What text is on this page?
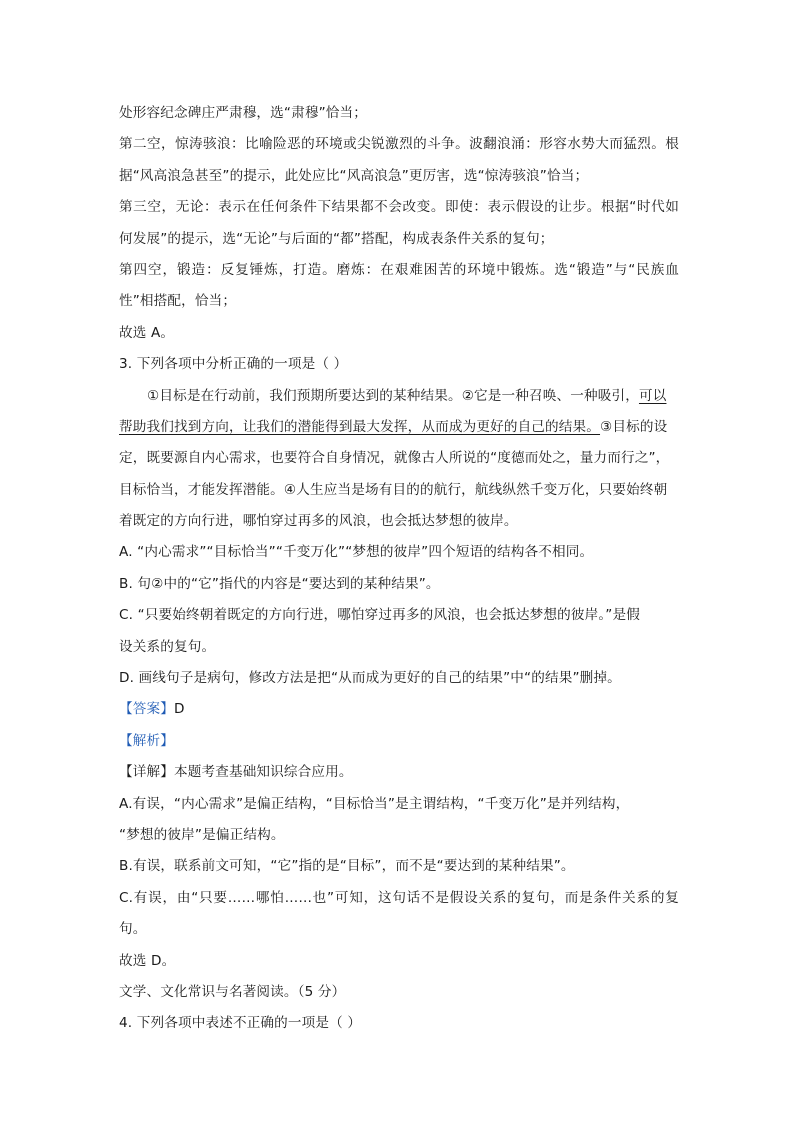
处形容纪念碑庄严肃穆，选“肃穆”恰当；
第二空，惊涛骇浪：比喻险恶的环境或尖锐激烈的斗争。波翻浪涌：形容水势大而猛烈。根
据“风高浪急甚至”的提示，此处应比“风高浪急”更厉害，选“惊涛骇浪”恰当；
第三空，无论：表示在任何条件下结果都不会改变。即使：表示假设的让步。根据“时代如
何发展”的提示，选“无论”与后面的“都”搭配，构成表条件关系的复句；
第四空，锻造：反复锤炼，打造。磨炼：在艰难困苦的环境中锻炼。选“锻造”与“民族血
性”相搭配，恰当；
故选 A。
3. 下列各项中分析正确的一项是（ ）
①目标是在行动前，我们预期所要达到的某种结果。②它是一种召唤、一种吸引，可以
帮助我们找到方向，让我们的潜能得到最大发挥，从而成为更好的自己的结果。③目标的设
定，既要源自内心需求，也要符合自身情况，就像古人所说的“度德而处之，量力而行之”，
目标恰当，才能发挥潜能。④人生应当是场有目的的航行，航线纵然千变万化，只要始终朝
着既定的方向行进，哪怕穿过再多的风浪，也会抵达梦想的彼岸。
A. “内心需求”“目标恰当”“千变万化”“梦想的彼岸”四个短语的结构各不相同。
B. 句②中的“它”指代的内容是“要达到的某种结果”。
C. “只要始终朝着既定的方向行进，哪怕穿过再多的风浪，也会抵达梦想的彼岸。”是假
设关系的复句。
D. 画线句子是病句，修改方法是把“从而成为更好的自己的结果”中“的结果”删掉。
【答案】D
【解析】
【详解】本题考查基础知识综合应用。
A.有误，“内心需求”是偏正结构，“目标恰当”是主谓结构，“千变万化”是并列结构，
“梦想的彼岸”是偏正结构。
B.有误，联系前文可知，“它”指的是“目标”，而不是“要达到的某种结果”。
C.有误，由“只要……哪怕……也”可知，这句话不是假设关系的复句，而是条件关系的复
句。
故选 D。
文学、文化常识与名著阅读。（5 分）
4. 下列各项中表述不正确的一项是（ ）
